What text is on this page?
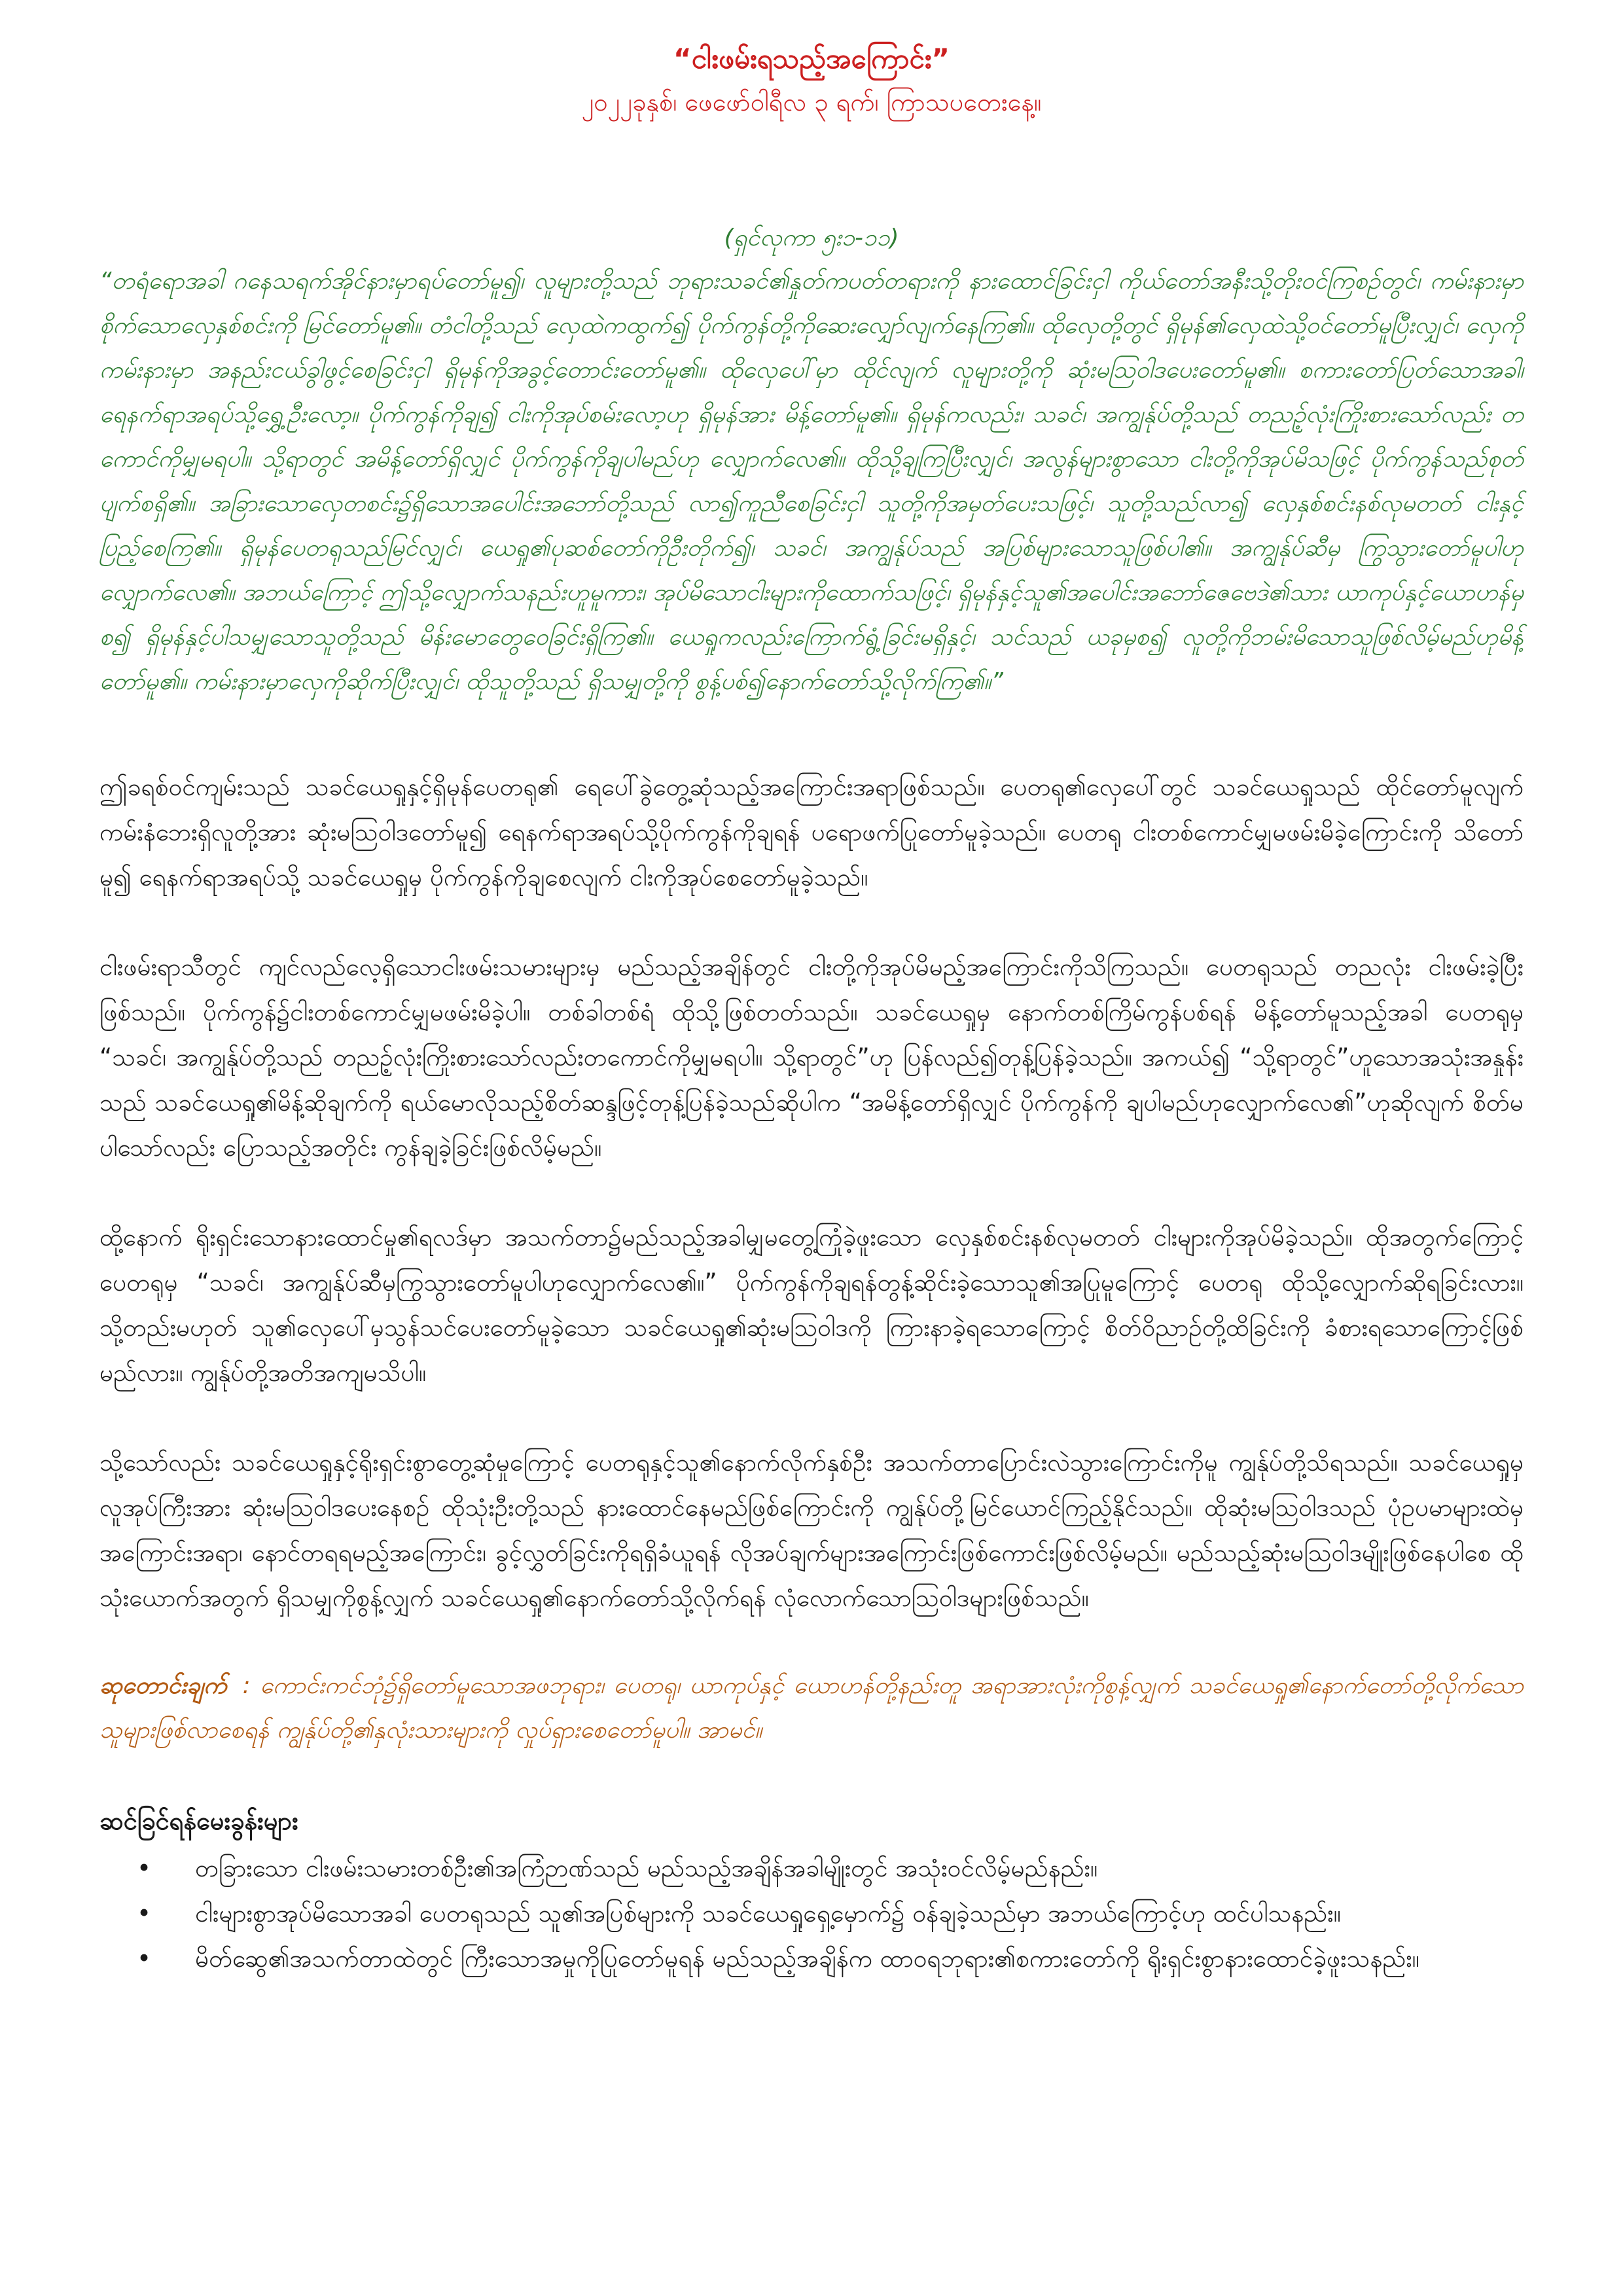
“ငါးဖမ်းရသည့်အကြောင်း”

၂၀၂၂ခုနှစ်၊ ဖေဖော်ဝါရီလ ၃ ရက်၊ ကြာသပတေးနေ့။

(ရှင်လုကာ ၅း၁-၁၁)

“တရံရောအခါ ဂနေသရက်အိုင်နားမှာရပ်တော်မူ၍၊ လူများတို့သည် ဘုရားသခင်၏နှုတ်ကပတ်တရားကို နားထောင်ခြင်းငှါ ကိုယ်တော်အနီးသို့တိုးဝင်ကြစဉ်တွင်၊ ကမ်းနားမှာစိုက်သောလှေနှစ်စင်းကို မြင်တော်မူ၏။ တံငါတို့သည် လှေထဲကထွက်၍ ပိုက်ကွန်တို့ကိုဆေးလျှော်လျက်နေကြ၏။ ထိုလှေတို့တွင် ရှိမုန်၏လှေထဲသို့ဝင်တော်မူပြီးလျှင်၊ လှေကိုကမ်းနားမှာ အနည်းငယ်ခွါဖွင့်စေခြင်းငှါ ရှိမုန်ကိုအခွင့်တောင်းတော်မူ၏။ ထိုလှေပေါ်မှာ ထိုင်လျက် လူများတို့ကို ဆုံးမသြဝါဒပေးတော်မူ၏။ စကားတော်ပြတ်သောအခါ၊ ရေနက်ရာအရပ်သို့ရွှေ့ဦးလော့။ ပိုက်ကွန်ကိုချ၍ ငါးကိုအုပ်စမ်းလော့ဟု ရှိမုန်အား မိန့်တော်မူ၏။ ရှိမုန်ကလည်း၊ သခင်၊ အကျွန်ုပ်တို့သည် တညဉ့်လုံးကြိုးစားသော်လည်း တကောင်ကိုမျှမရပါ။ သို့ရာတွင် အမိန့်တော်ရှိလျှင် ပိုက်ကွန်ကိုချပါမည်ဟု လျှောက်လေ၏။ ထိုသို့ချကြပြီးလျှင်၊ အလွန်များစွာသော ငါးတို့ကိုအုပ်မိသဖြင့် ပိုက်ကွန်သည်စုတ်ပျက်စရှိ၏။ အခြားသောလှေတစင်း၌ရှိသောအပေါင်းအဘော်တို့သည် လာ၍ကူညီစေခြင်းငှါ သူတို့ကိုအမှတ်ပေးသဖြင့်၊ သူတို့သည်လာ၍ လှေနှစ်စင်းနစ်လုမတတ် ငါးနှင့်ပြည့်စေကြ၏။ ရှိမုန်ပေတရုသည်မြင်လျှင်၊ ယေရှု၏ပုဆစ်တော်ကိုဦးတိုက်၍၊ သခင်၊ အကျွန်ုပ်သည် အပြစ်များသောသူဖြစ်ပါ၏။ အကျွန်ုပ်ဆီမှ ကြွသွားတော်မူပါဟု လျှောက်လေ၏။ အဘယ်ကြောင့် ဤသို့လျှောက်သနည်းဟူမူကား၊ အုပ်မိသောငါးများကိုထောက်သဖြင့်၊ ရှိမုန်နှင့်သူ၏အပေါင်းအဘော်ဇေဗေဒဲ၏သား ယာကုပ်နှင့်ယောဟန်မှစ၍ ရှိမုန်နှင့်ပါသမျှသောသူတို့သည် မိန်းမောတွေဝေခြင်းရှိကြ၏။ ယေရှုကလည်းကြောက်ရွံ့ခြင်းမရှိနှင့်၊ သင်သည် ယခုမှစ၍ လူတို့ကိုဘမ်းမိသောသူဖြစ်လိမ့်မည်ဟုမိန့်တော်မူ၏။ ကမ်းနားမှာလှေကိုဆိုက်ပြီးလျှင်၊ ထိုသူတို့သည် ရှိသမျှတို့ကို စွန့်ပစ်၍နောက်တော်သို့လိုက်ကြ၏။”

ဤခရစ်ဝင်ကျမ်းသည် သခင်ယေရှုနှင့်ရှိမုန်ပေတရု၏ ရေပေါ်ခွဲတွေ့ဆုံသည့်အကြောင်းအရာဖြစ်သည်။ ပေတရု၏လှေပေါ်တွင် သခင်ယေရှုသည် ထိုင်တော်မူလျက် ကမ်းနံဘေးရှိလူတို့အား ဆုံးမသြဝါဒတော်မူ၍ ရေနက်ရာအရပ်သို့ပိုက်ကွန်ကိုချရန် ပရောဖက်ပြုတော်မူခဲ့သည်။ ပေတရု ငါးတစ်ကောင်မျှမဖမ်းမိခဲ့ကြောင်းကို သိတော်မူ၍ ရေနက်ရာအရပ်သို့ သခင်ယေရှုမှ ပိုက်ကွန်ကိုချစေလျက် ငါးကိုအုပ်စေတော်မူခဲ့သည်။

ငါးဖမ်းရာသီတွင် ကျင်လည်လေ့ရှိသောငါးဖမ်းသမားများမှ မည်သည့်အချိန်တွင် ငါးတို့ကိုအုပ်မိမည့်အကြောင်းကိုသိကြသည်။ ပေတရုသည် တညလုံး ငါးဖမ်းခဲ့ပြီးဖြစ်သည်။ ပိုက်ကွန်၌ငါးတစ်ကောင်မျှမဖမ်းမိခဲ့ပါ။ တစ်ခါတစ်ရံ ထိုသို့ဖြစ်တတ်သည်။ သခင်ယေရှုမှ နောက်တစ်ကြိမ်ကွန်ပစ်ရန် မိန့်တော်မူသည့်အခါ ပေတရုမှ “သခင်၊ အကျွန်ုပ်တို့သည် တညဉ့်လုံးကြိုးစားသော်လည်းတကောင်ကိုမျှမရပါ။ သို့ရာတွင်”ဟု ပြန်လည်၍တုန့်ပြန်ခဲ့သည်။ အကယ်၍ “သို့ရာတွင်”ဟူသောအသုံးအနှုန်းသည် သခင်ယေရှု၏မိန့်ဆိုချက်ကို ရယ်မောလိုသည့်စိတ်ဆန္ဒဖြင့်တုန့်ပြန်ခဲ့သည်ဆိုပါက “အမိန့်တော်ရှိလျှင် ပိုက်ကွန်ကို ချပါမည်ဟုလျှောက်လေ၏”ဟုဆိုလျက် စိတ်မပါသော်လည်း ပြောသည့်အတိုင်း ကွန်ချခဲ့ခြင်းဖြစ်လိမ့်မည်။

ထို့နောက် ရိုးရှင်းသောနားထောင်မှု၏ရလဒ်မှာ အသက်တာ၌မည်သည့်အခါမျှမတွေ့ကြုံခဲ့ဖူးသော လှေနှစ်စင်းနစ်လုမတတ် ငါးများကိုအုပ်မိခဲ့သည်။ ထိုအတွက်ကြောင့် ပေတရုမှ “သခင်၊ အကျွန်ုပ်ဆီမှကြွသွားတော်မူပါဟုလျှောက်လေ၏။” ပိုက်ကွန်ကိုချရန်တွန့်ဆိုင်းခဲ့သောသူ၏အပြုမူကြောင့် ပေတရု ထိုသို့လျှောက်ဆိုရခြင်းလား။ သို့တည်းမဟုတ် သူ၏လှေပေါ်မှသွန်သင်ပေးတော်မူခဲ့သော သခင်ယေရှု၏ဆုံးမသြဝါဒကို ကြားနာခဲ့ရသောကြောင့် စိတ်ဝိညာဉ်တို့ထိခြင်းကို ခံစားရသောကြောင့်ဖြစ်မည်လား။ ကျွန်ုပ်တို့အတိအကျမသိပါ။

သို့သော်လည်း သခင်ယေရှုနှင့်ရိုးရှင်းစွာတွေ့ဆုံမှုကြောင့် ပေတရုနှင့်သူ၏နောက်လိုက်နှစ်ဦး အသက်တာပြောင်းလဲသွားကြောင်းကိုမူ ကျွန်ုပ်တို့သိရသည်။ သခင်ယေရှုမှ လူအုပ်ကြီးအား ဆုံးမသြဝါဒပေးနေစဉ် ထိုသုံးဦးတို့သည် နားထောင်နေမည်ဖြစ်ကြောင်းကို ကျွန်ုပ်တို့မြင်ယောင်ကြည့်နိုင်သည်။ ထိုဆုံးမသြဝါဒသည် ပုံဥပမာများထဲမှအကြောင်းအရာ၊ နောင်တရရမည့်အကြောင်း၊ ခွင့်လွှတ်ခြင်းကိုရရှိခံယူရန် လိုအပ်ချက်များအကြောင်းဖြစ်ကောင်းဖြစ်လိမ့်မည်။ မည်သည့်ဆုံးမသြဝါဒမျိုးဖြစ်နေပါစေ ထိုသုံးယောက်အတွက် ရှိသမျှကိုစွန့်လျှက် သခင်ယေရှု၏နောက်တော်သို့လိုက်ရန် လုံလောက်သောသြဝါဒများဖြစ်သည်။

ဆုတောင်းချက် : ကောင်းကင်ဘုံ၌ရှိတော်မူသောအဖဘုရား၊ ပေတရု၊ ယာကုပ်နှင့် ယောဟန်တို့နည်းတူ အရာအားလုံးကိုစွန့်လျှက် သခင်ယေရှု၏နောက်တော်တို့လိုက်သောသူများဖြစ်လာစေရန် ကျွန်ုပ်တို့၏နှလုံးသားများကို လှုပ်ရှားစေတော်မူပါ။ အာမင်။

ဆင်ခြင်ရန်မေးခွန်းများ

• တခြားသော ငါးဖမ်းသမားတစ်ဦး၏အကြံဉာဏ်သည် မည်သည့်အချိန်အခါမျိုးတွင် အသုံးဝင်လိမ့်မည်နည်း။
• ငါးများစွာအုပ်မိသောအခါ ပေတရုသည် သူ၏အပြစ်များကို သခင်ယေရှုရှေ့မှောက်၌ ဝန်ချခဲ့သည်မှာ အဘယ်ကြောင့်ဟု ထင်ပါသနည်း။
• မိတ်ဆွေ၏အသက်တာထဲတွင် ကြီးသောအမှုကိုပြုတော်မူရန် မည်သည့်အချိန်က ထာဝရဘုရား၏စကားတော်ကို ရိုးရှင်းစွာနားထောင်ခဲ့ဖူးသနည်း။
